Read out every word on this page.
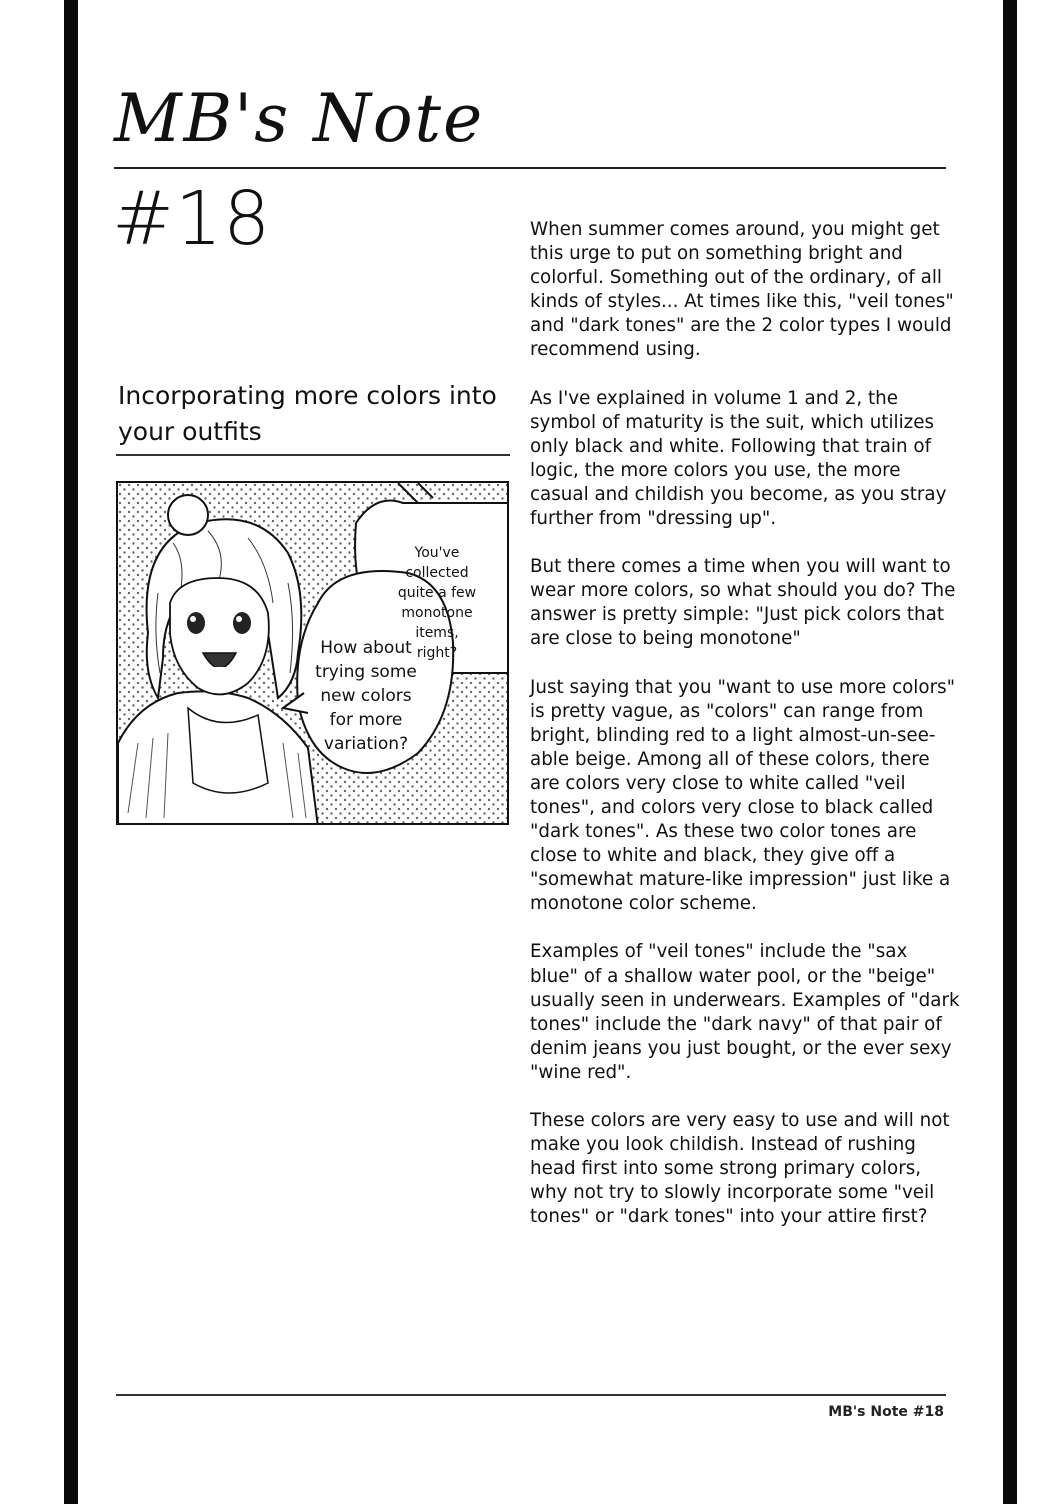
MB's Note
#18
Incorporating more colors into your outfits
You've
collected
quite a few
monotone
items,
right?
How about
trying some
new colors
for more
variation?

When summer comes around, you might get this urge to put on something bright and colorful. Something out of the ordinary, of all kinds of styles... At times like this, "veil tones" and "dark tones" are the 2 color types I would recommend using.

As I've explained in volume 1 and 2, the symbol of maturity is the suit, which utilizes only black and white. Following that train of logic, the more colors you use, the more casual and childish you become, as you stray further from "dressing up".

But there comes a time when you will want to wear more colors, so what should you do? The answer is pretty simple: "Just pick colors that are close to being monotone"

Just saying that you "want to use more colors" is pretty vague, as "colors" can range from bright, blinding red to a light almost-un-see-able beige. Among all of these colors, there are colors very close to white called "veil tones", and colors very close to black called "dark tones". As these two color tones are close to white and black, they give off a "somewhat mature-like impression" just like a monotone color scheme.

Examples of "veil tones" include the "sax blue" of a shallow water pool, or the "beige" usually seen in underwears. Examples of "dark tones" include the "dark navy" of that pair of denim jeans you just bought, or the ever sexy "wine red".

These colors are very easy to use and will not make you look childish. Instead of rushing head first into some strong primary colors, why not try to slowly incorporate some "veil tones" or "dark tones" into your attire first?

MB's Note #18
